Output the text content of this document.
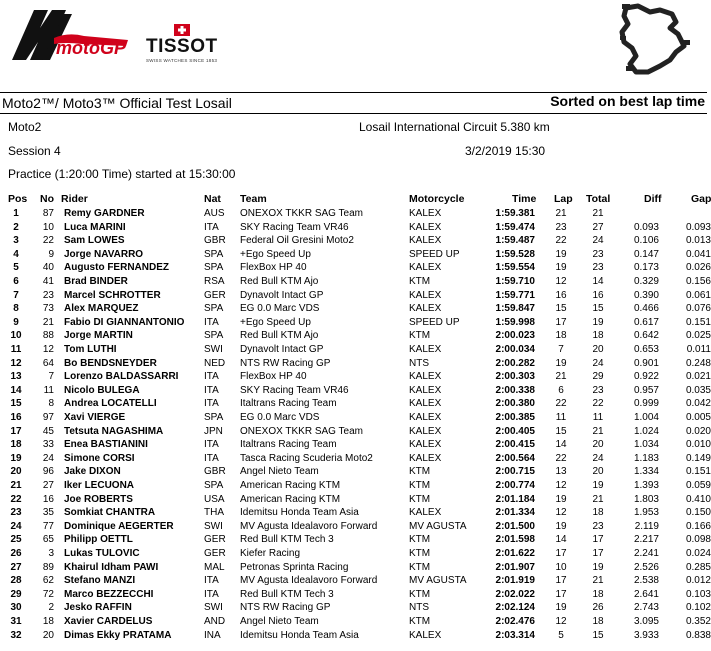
motoGP TISSOT
SWISS WATCHES SINCE 1853
Moto2™/ Moto3™ Official Test Losail	Sorted on best lap time
Moto2	Losail International Circuit 5.380 km
Session 4	3/2/2019 15:30
Practice (1:20:00 Time) started at 15:30:00
Pos No Rider	Nat Team	Motorcycle	Time Lap Total	Diff	Gap
1	87 Remy GARDNER	AUS ONEXOX TKKR SAG Team	KALEX	1:59.381	21	21
2	10 Luca MARINI	ITA SKY Racing Team VR46	KALEX	1:59.474	23	27	0.093	0.093
3	22 Sam LOWES	GBR Federal Oil Gresini Moto2	KALEX	1:59.487	22	24	0.106	0.013
4	9 Jorge NAVARRO	SPA +Ego Speed Up	SPEED UP	1:59.528	19	23	0.147	0.041
5	40 Augusto FERNANDEZ	SPA FlexBox HP 40	KALEX	1:59.554	19	23	0.173	0.026
6	41 Brad BINDER	RSA Red Bull KTM Ajo	KTM	1:59.710	12	14	0.329	0.156
7	23 Marcel SCHROTTER	GER Dynavolt Intact GP	KALEX	1:59.771	16	16	0.390	0.061
8	73 Alex MARQUEZ	SPA EG 0.0 Marc VDS	KALEX	1:59.847	15	15	0.466	0.076
9	21 Fabio DI GIANNANTONIO ITA +Ego Speed Up	SPEED UP	1:59.998	17	19	0.617	0.151
10	88 Jorge MARTIN	SPA Red Bull KTM Ajo	KTM	2:00.023	18	18	0.642	0.025
11	12 Tom LUTHI	SWI Dynavolt Intact GP	KALEX	2:00.034	7	20	0.653	0.011
12	64 Bo BENDSNEYDER	NED NTS RW Racing GP	NTS	2:00.282	19	24	0.901	0.248
13	7 Lorenzo BALDASSARRI	ITA FlexBox HP 40	KALEX	2:00.303	21	29	0.922	0.021
14	11 Nicolo BULEGA	ITA SKY Racing Team VR46	KALEX	2:00.338	6	23	0.957	0.035
15	8 Andrea LOCATELLI	ITA Italtrans Racing Team	KALEX	2:00.380	22	22	0.999	0.042
16	97 Xavi VIERGE	SPA EG 0.0 Marc VDS	KALEX	2:00.385	11	11	1.004	0.005
17	45 Tetsuta NAGASHIMA	JPN ONEXOX TKKR SAG Team	KALEX	2:00.405	15	21	1.024	0.020
18	33 Enea BASTIANINI	ITA Italtrans Racing Team	KALEX	2:00.415	14	20	1.034	0.010
19	24 Simone CORSI	ITA Tasca Racing Scuderia Moto2	KALEX	2:00.564	22	24	1.183	0.149
20	96 Jake DIXON	GBR Angel Nieto Team	KTM	2:00.715	13	20	1.334	0.151
21	27 Iker LECUONA	SPA American Racing KTM	KTM	2:00.774	12	19	1.393	0.059
22	16 Joe ROBERTS	USA American Racing KTM	KTM	2:01.184	19	21	1.803	0.410
23	35 Somkiat CHANTRA	THA Idemitsu Honda Team Asia	KALEX	2:01.334	12	18	1.953	0.150
24	77 Dominique AEGERTER	SWI MV Agusta Idealavoro Forward	MV AGUSTA	2:01.500	19	23	2.119	0.166
25	65 Philipp OETTL	GER Red Bull KTM Tech 3	KTM	2:01.598	14	17	2.217	0.098
26	3 Lukas TULOVIC	GER Kiefer Racing	KTM	2:01.622	17	17	2.241	0.024
27	89 Khairul Idham PAWI	MAL Petronas Sprinta Racing	KTM	2:01.907	10	19	2.526	0.285
28	62 Stefano MANZI	ITA MV Agusta Idealavoro Forward	MV AGUSTA	2:01.919	17	21	2.538	0.012
29	72 Marco BEZZECCHI	ITA Red Bull KTM Tech 3	KTM	2:02.022	17	18	2.641	0.103
30	2 Jesko RAFFIN	SWI NTS RW Racing GP	NTS	2:02.124	19	26	2.743	0.102
31	18 Xavier CARDELUS	AND Angel Nieto Team	KTM	2:02.476	12	18	3.095	0.352
32	20 Dimas Ekky PRATAMA	INA Idemitsu Honda Team Asia	KALEX	2:03.314	5	15	3.933	0.838
